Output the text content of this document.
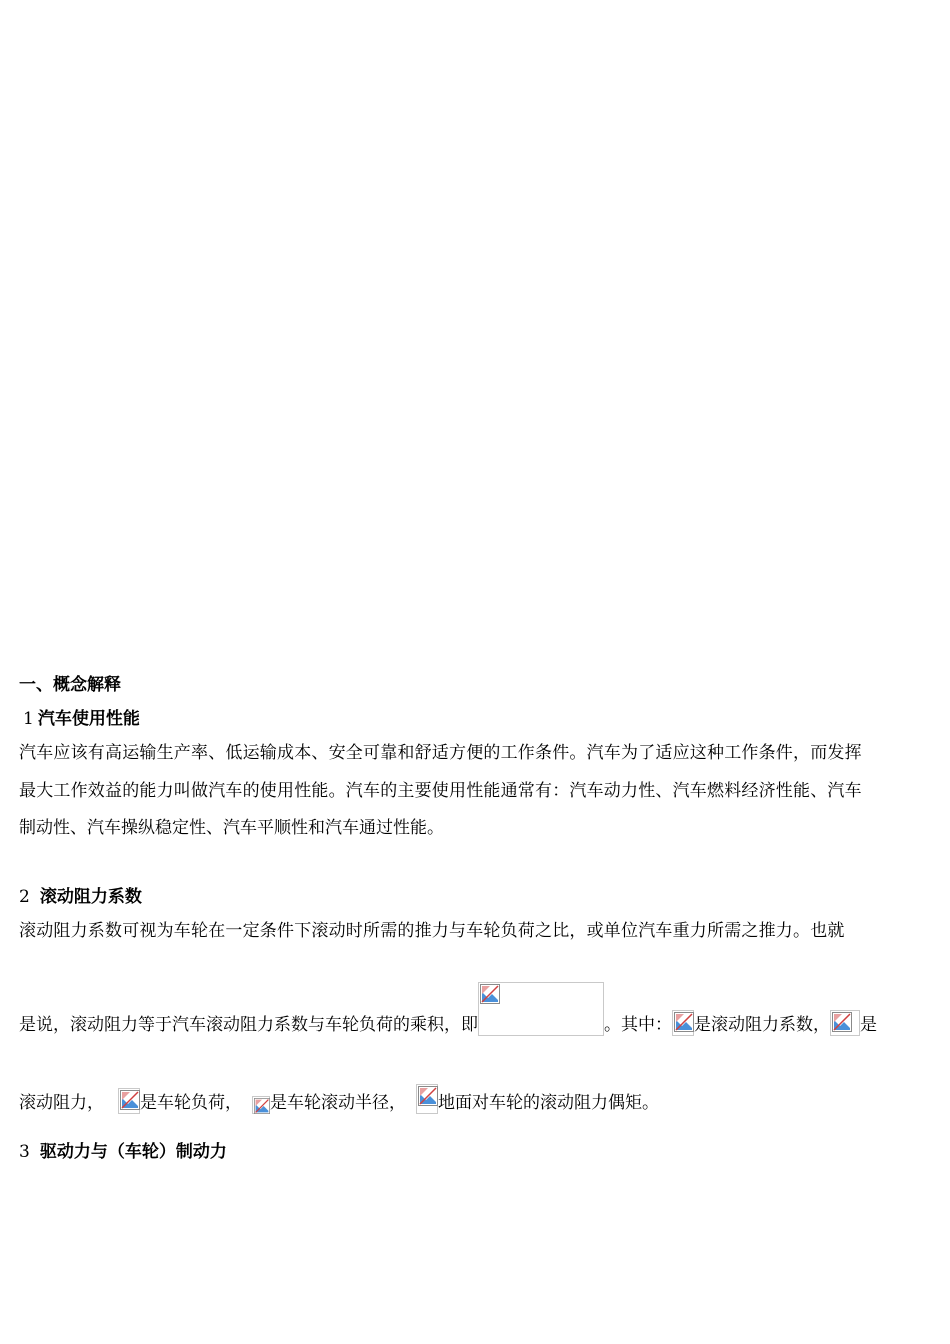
一、概念解释
1 汽车使用性能
汽车应该有高运输生产率、低运输成本、安全可靠和舒适方便的工作条件。汽车为了适应这种工作条件，而发挥
最大工作效益的能力叫做汽车的使用性能。汽车的主要使用性能通常有：汽车动力性、汽车燃料经济性能、汽车
制动性、汽车操纵稳定性、汽车平顺性和汽车通过性能。
2 滚动阻力系数
滚动阻力系数可视为车轮在一定条件下滚动时所需的推力与车轮负荷之比，或单位汽车重力所需之推力。也就
是说，滚动阻力等于汽车滚动阻力系数与车轮负荷的乘积，即	。其中： 是滚动阻力系数， 是
滚动阻力， 是车轮负荷， 是车轮滚动半径， 地面对车轮的滚动阻力偶矩。
3 驱动力与（车轮）制动力
